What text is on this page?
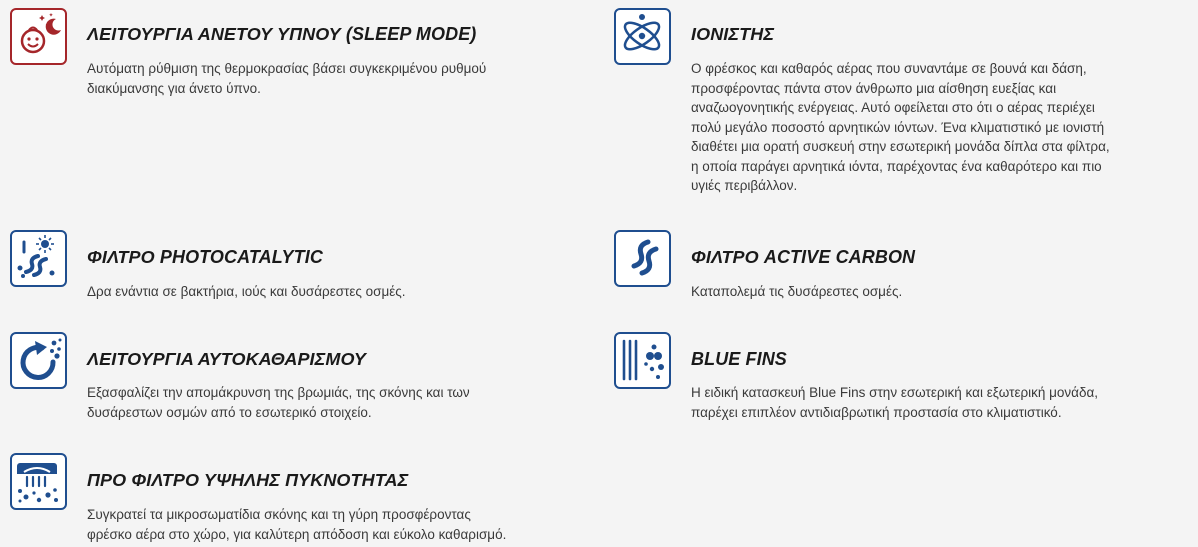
ΛΕΙΤΟΥΡΓΙΑ ΑΝΕΤΟΥ ΥΠΝΟΥ (SLEEP MODE)
Αυτόματη ρύθμιση της θερμοκρασίας βάσει συγκεκριμένου ρυθμού
διακύμανσης για άνετο ύπνο.
ΙΟΝΙΣΤΗΣ
Ο φρέσκος και καθαρός αέρας που συναντάμε σε βουνά και δάση,
προσφέροντας πάντα στον άνθρωπο μια αίσθηση ευεξίας και
αναζωογονητικής ενέργειας. Αυτό οφείλεται στο ότι ο αέρας περιέχει
πολύ μεγάλο ποσοστό αρνητικών ιόντων. Ένα κλιματιστικό με ιονιστή
διαθέτει μια ορατή συσκευή στην εσωτερική μονάδα δίπλα στα φίλτρα,
η οποία παράγει αρνητικά ιόντα, παρέχοντας ένα καθαρότερο και πιο
υγιές περιβάλλον.
ΦΙΛΤΡΟ PHOTOCATALYTIC
Δρα ενάντια σε βακτήρια, ιούς και δυσάρεστες οσμές.
ΦΙΛΤΡΟ ACTIVE CARBON
Καταπολεμά τις δυσάρεστες οσμές.
ΛΕΙΤΟΥΡΓΙΑ ΑΥΤΟΚΑΘΑΡΙΣΜΟΥ
Εξασφαλίζει την απομάκρυνση της βρωμιάς, της σκόνης και των
δυσάρεστων οσμών από το εσωτερικό στοιχείο.
BLUE FINS
Η ειδική κατασκευή Blue Fins στην εσωτερική και εξωτερική μονάδα,
παρέχει επιπλέον αντιδιαβρωτική προστασία στο κλιματιστικό.
ΠΡΟ ΦΙΛΤΡΟ ΥΨΗΛΗΣ ΠΥΚΝΟΤΗΤΑΣ
Συγκρατεί τα μικροσωματίδια σκόνης και τη γύρη προσφέροντας
φρέσκο αέρα στο χώρο, για καλύτερη απόδοση και εύκολο καθαρισμό.
